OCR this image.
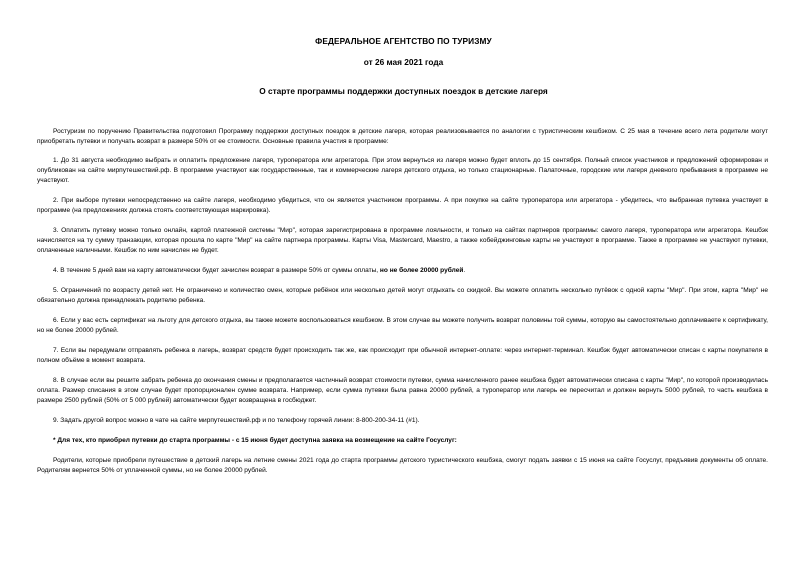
ФЕДЕРАЛЬНОЕ АГЕНТСТВО ПО ТУРИЗМУ
от 26 мая 2021 года
О старте программы поддержки доступных поездок в детские лагеря

Ростуризм по поручению Правительства подготовил Программу поддержки доступных поездок в детские лагеря, которая реализовывается по аналогии с туристическим кешбэком. С 25 мая в течение всего лета родители могут приобретать путевки и получать возврат в размере 50% от ее стоимости. Основные правила участия в программе:

1. До 31 августа необходимо выбрать и оплатить предложение лагеря, туроператора или агрегатора. При этом вернуться из лагеря можно будет вплоть до 15 сентября. Полный список участников и предложений сформирован и опубликован на сайте мирпутешествий.рф. В программе участвуют как государственные, так и коммерческие лагеря детского отдыха, но только стационарные. Палаточные, городские или лагеря дневного пребывания в программе не участвуют.

2. При выборе путевки непосредственно на сайте лагеря, необходимо убедиться, что он является участником программы. А при покупке на сайте туроператора или агрегатора - убедитесь, что выбранная путевка участвует в программе (на предложениях должна стоять соответствующая маркировка).

3. Оплатить путевку можно только онлайн, картой платежной системы "Мир", которая зарегистрирована в программе лояльности, и только на сайтах партнеров программы: самого лагеря, туроператора или агрегатора. Кешбэк начисляется на ту сумму транзакции, которая прошла по карте "Мир" на сайте партнера программы. Карты Visa, Mastercard, Maestro, а также кобейджинговые карты не участвуют в программе. Также в программе не участвуют путевки, оплаченные наличными. Кешбэк по ним начислен не будет.

4. В течение 5 дней вам на карту автоматически будет зачислен возврат в размере 50% от суммы оплаты, но не более 20000 рублей.

5. Ограничений по возрасту детей нет. Не ограничено и количество смен, которые ребёнок или несколько детей могут отдыхать со скидкой. Вы можете оплатить несколько путёвок с одной карты "Мир". При этом, карта "Мир" не обязательно должна принадлежать родителю ребенка.

6. Если у вас есть сертификат на льготу для детского отдыха, вы также можете воспользоваться кешбэком. В этом случае вы можете получить возврат половины той суммы, которую вы самостоятельно доплачиваете к сертификату, но не более 20000 рублей.

7. Если вы передумали отправлять ребенка в лагерь, возврат средств будет происходить так же, как происходит при обычной интернет-оплате: через интернет-терминал. Кешбэк будет автоматически списан с карты покупателя в полном объёме в момент возврата.

8. В случае если вы решите забрать ребенка до окончания смены и предполагается частичный возврат стоимости путевки, сумма начисленного ранее кешбэка будет автоматически списана с карты "Мир", по которой производилась оплата. Размер списания в этом случае будет пропорционален сумме возврата. Например, если сумма путевки была равна 20000 рублей, а туроператор или лагерь ее пересчитал и должен вернуть 5000 рублей, то часть кешбэка в размере 2500 рублей (50% от 5 000 рублей) автоматически будет возвращена в госбюджет.

9. Задать другой вопрос можно в чате на сайте мирпутешествий.рф и по телефону горячей линии: 8-800-200-34-11 (#1).

* Для тех, кто приобрел путевки до старта программы - с 15 июня будет доступна заявка на возмещение на сайте Госуслуг:

Родители, которые приобрели путешествие в детский лагерь на летние смены 2021 года до старта программы детского туристического кешбэка, смогут подать заявки с 15 июня на сайте Госуслуг, предъявив документы об оплате. Родителям вернется 50% от уплаченной суммы, но не более 20000 рублей.
